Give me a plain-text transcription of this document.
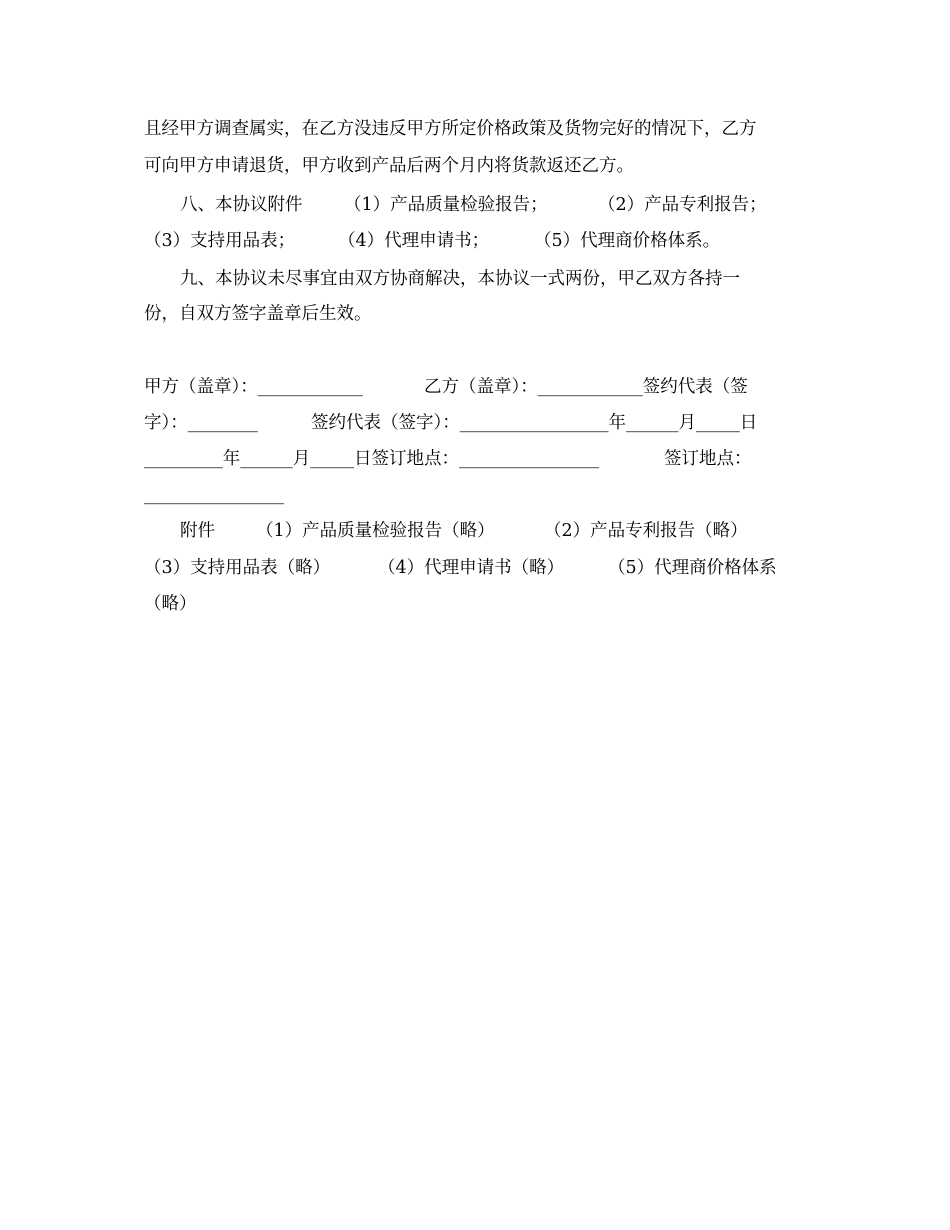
且经甲方调查属实，在乙方没违反甲方所定价格政策及货物完好的情况下，乙方
可向甲方申请退货，甲方收到产品后两个月内将货款返还乙方。
八、本协议附件 （1）产品质量检验报告；	（2）产品专利报告；
（3）支持用品表； （4）代理申请书；	（5）代理商价格体系。
九、本协议未尽事宜由双方协商解决，本协议一式两份，甲乙双方各持一
份，自双方签字盖章后生效。
甲方（盖章）：____________	乙方（盖章）：____________签约代表（签
字）：________	签约代表（签字）：_________________年______月_____日
_________年______月_____日签订地点：________________	签订地点：
________________
附件 （1）产品质量检验报告（略）	（2）产品专利报告（略）
（3）支持用品表（略）	（4）代理申请书（略）	（5）代理商价格体系
（略）
